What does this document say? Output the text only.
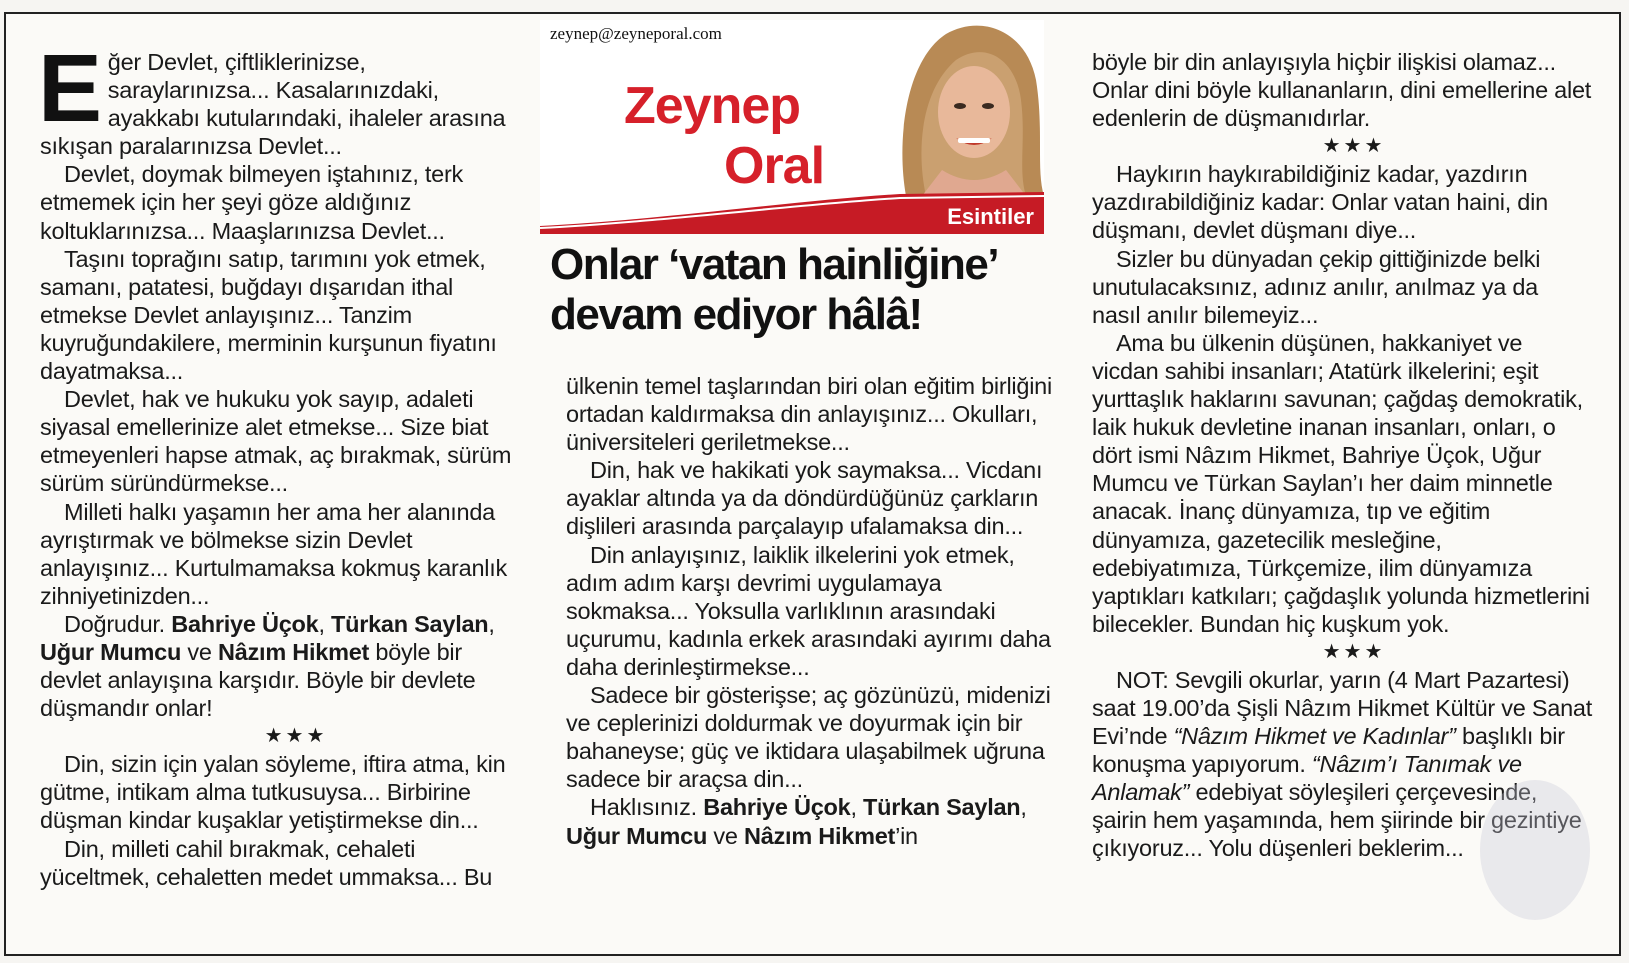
zeynep@zeyneporal.com
Zeynep
Oral
Esintiler
Onlar ‘vatan hainliğine’
devam ediyor hâlâ!

Eğer Devlet, çiftliklerinizse, saraylarınızsa... Kasalarınızdaki, ayakkabı kutularındaki, ihaleler arasına sıkışan paralarınızsa Devlet...

Devlet, doymak bilmeyen iştahınız, terk etmemek için her şeyi göze aldığınız koltuklarınızsa... Maaşlarınızsa Devlet...

Taşını toprağını satıp, tarımını yok etmek, samanı, patatesi, buğdayı dışarıdan ithal etmekse Devlet anlayışınız... Tanzim kuyruğundakilere, merminin kurşunun fiyatını dayatmaksa...

Devlet, hak ve hukuku yok sayıp, adaleti siyasal emellerinize alet etmekse... Size biat etmeyenleri hapse atmak, aç bırakmak, sürüm sürüm süründürmekse...

Milleti halkı yaşamın her ama her alanında ayrıştırmak ve bölmekse sizin Devlet anlayışınız... Kurtulmamaksa kokmuş karanlık zihniyetinizden...

Doğrudur. Bahriye Üçok, Türkan Saylan, Uğur Mumcu ve Nâzım Hikmet böyle bir devlet anlayışına karşıdır. Böyle bir devlete düşmandır onlar!

★★★

Din, sizin için yalan söyleme, iftira atma, kin gütme, intikam alma tutkusuysa... Birbirine düşman kindar kuşaklar yetiştirmekse din...

Din, milleti cahil bırakmak, cehaleti yüceltmek, cehaletten medet ummaksa... Bu

ülkenin temel taşlarından biri olan eğitim birliğini ortadan kaldırmaksa din anlayışınız... Okulları, üniversiteleri geriletmekse...

Din, hak ve hakikati yok saymaksa... Vicdanı ayaklar altında ya da döndürdüğünüz çarkların dişlileri arasında parçalayıp ufalamaksa din...

Din anlayışınız, laiklik ilkelerini yok etmek, adım adım karşı devrimi uygulamaya sokmaksa... Yoksulla varlıklının arasındaki uçurumu, kadınla erkek arasındaki ayırımı daha daha derinleştirmekse...

Sadece bir gösterişse; aç gözünüzü, midenizi ve ceplerinizi doldurmak ve doyurmak için bir bahaneyse; güç ve iktidara ulaşabilmek uğruna sadece bir araçsa din...

Haklısınız. Bahriye Üçok, Türkan Saylan, Uğur Mumcu ve Nâzım Hikmet’in

böyle bir din anlayışıyla hiçbir ilişkisi olamaz... Onlar dini böyle kullananların, dini emellerine alet edenlerin de düşmanıdırlar.

★★★

Haykırın haykırabildiğiniz kadar, yazdırın yazdırabildiğiniz kadar: Onlar vatan haini, din düşmanı, devlet düşmanı diye...

Sizler bu dünyadan çekip gittiğinizde belki unutulacaksınız, adınız anılır, anılmaz ya da nasıl anılır bilemeyiz...

Ama bu ülkenin düşünen, hakkaniyet ve vicdan sahibi insanları; Atatürk ilkelerini; eşit yurttaşlık haklarını savunan; çağdaş demokratik, laik hukuk devletine inanan insanları, onları, o dört ismi Nâzım Hikmet, Bahriye Üçok, Uğur Mumcu ve Türkan Saylan’ı her daim minnetle anacak. İnanç dünyamıza, tıp ve eğitim dünyamıza, gazetecilik mesleğine, edebiyatımıza, Türkçemize, ilim dünyamıza yaptıkları katkıları; çağdaşlık yolunda hizmetlerini bilecekler. Bundan hiç kuşkum yok.

★★★

NOT: Sevgili okurlar, yarın (4 Mart Pazartesi) saat 19.00’da Şişli Nâzım Hikmet Kültür ve Sanat Evi’nde “Nâzım Hikmet ve Kadınlar” başlıklı bir konuşma yapıyorum. “Nâzım’ı Tanımak ve Anlamak” edebiyat söyleşileri çerçevesinde, şairin hem yaşamında, hem şiirinde bir gezintiye çıkıyoruz... Yolu düşenleri beklerim...
